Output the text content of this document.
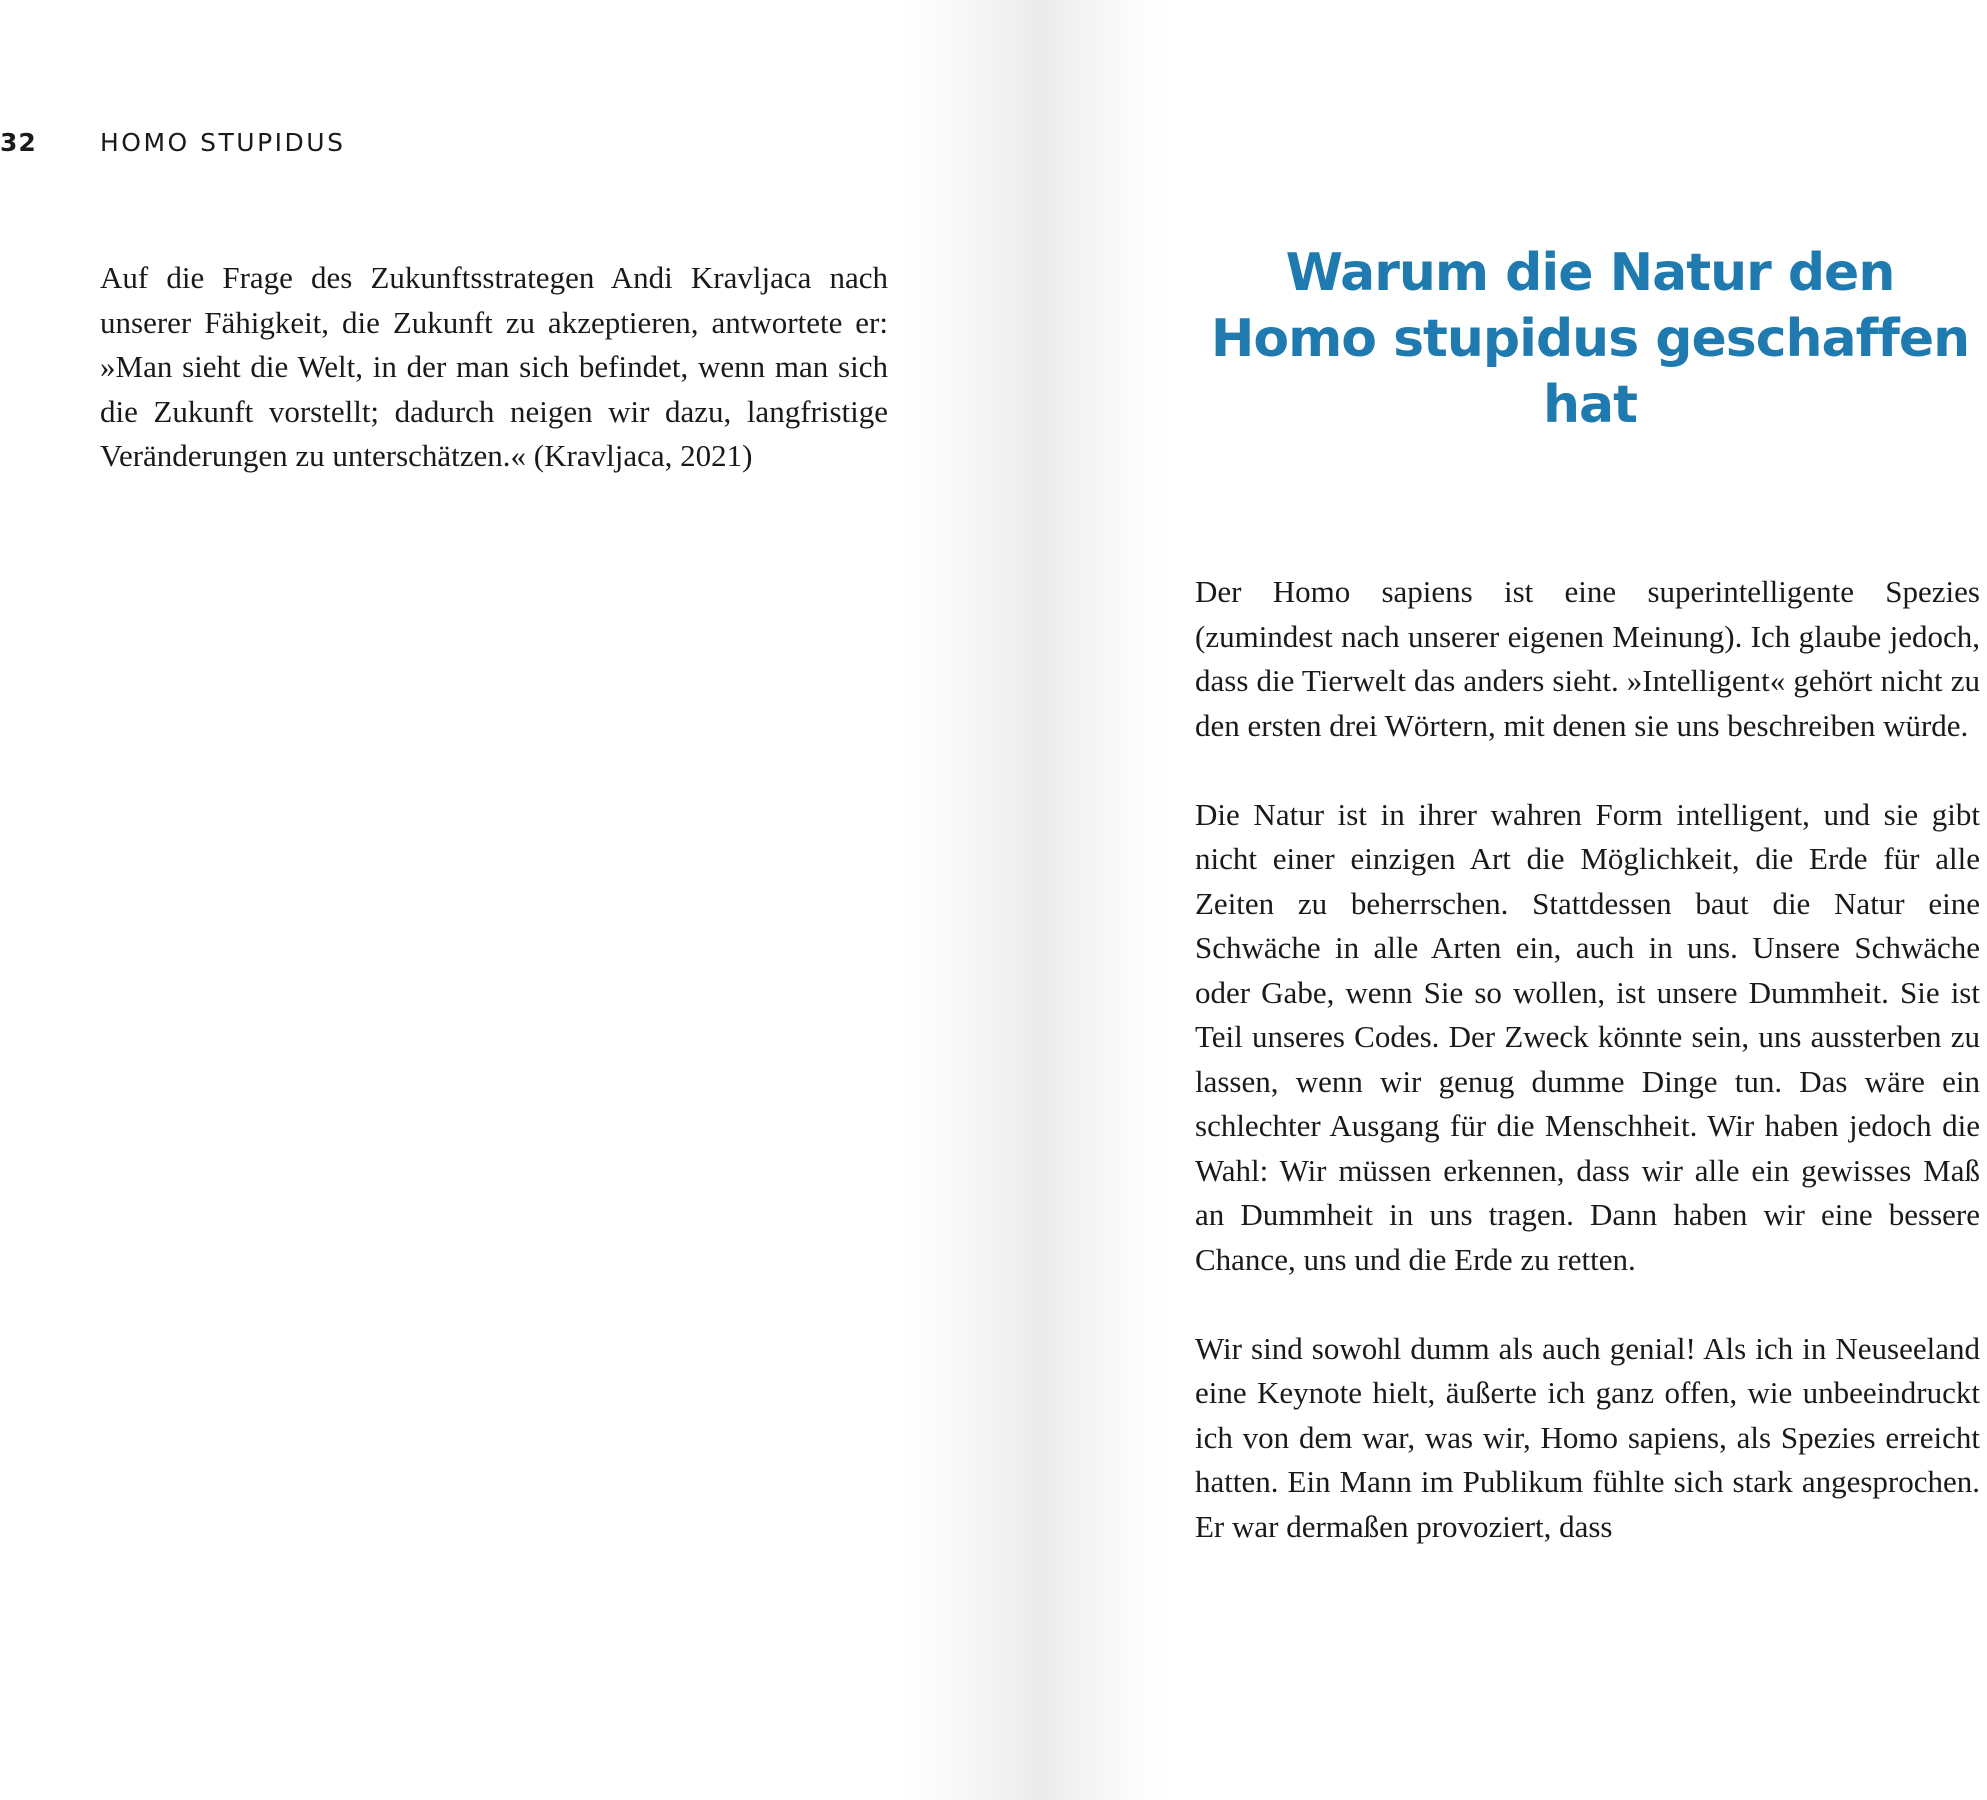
32	HOMO STUPIDUS

Auf die Frage des Zukunftsstrategen Andi Kravljaca nach unserer Fähigkeit, die Zukunft zu akzeptieren, antwortete er: »Man sieht die Welt, in der man sich befindet, wenn man sich die Zukunft vorstellt; dadurch neigen wir dazu, langfristige Veränderungen zu unterschätzen.« (Kravljaca, 2021)

Warum die Natur den Homo stupidus geschaffen hat

Der Homo sapiens ist eine superintelligente Spezies (zumindest nach unserer eigenen Meinung). Ich glaube jedoch, dass die Tierwelt das anders sieht. »Intelligent« gehört nicht zu den ersten drei Wörtern, mit denen sie uns beschreiben würde.

Die Natur ist in ihrer wahren Form intelligent, und sie gibt nicht einer einzigen Art die Möglichkeit, die Erde für alle Zeiten zu beherrschen. Stattdessen baut die Natur eine Schwäche in alle Arten ein, auch in uns. Unsere Schwäche oder Gabe, wenn Sie so wollen, ist unsere Dummheit. Sie ist Teil unseres Codes. Der Zweck könnte sein, uns aussterben zu lassen, wenn wir genug dumme Dinge tun. Das wäre ein schlechter Ausgang für die Menschheit. Wir haben jedoch die Wahl: Wir müssen erkennen, dass wir alle ein gewisses Maß an Dummheit in uns tragen. Dann haben wir eine bessere Chance, uns und die Erde zu retten.

Wir sind sowohl dumm als auch genial! Als ich in Neuseeland eine Keynote hielt, äußerte ich ganz offen, wie unbeeindruckt ich von dem war, was wir, Homo sapiens, als Spezies erreicht hatten. Ein Mann im Publikum fühlte sich stark angesprochen. Er war dermaßen provoziert, dass
